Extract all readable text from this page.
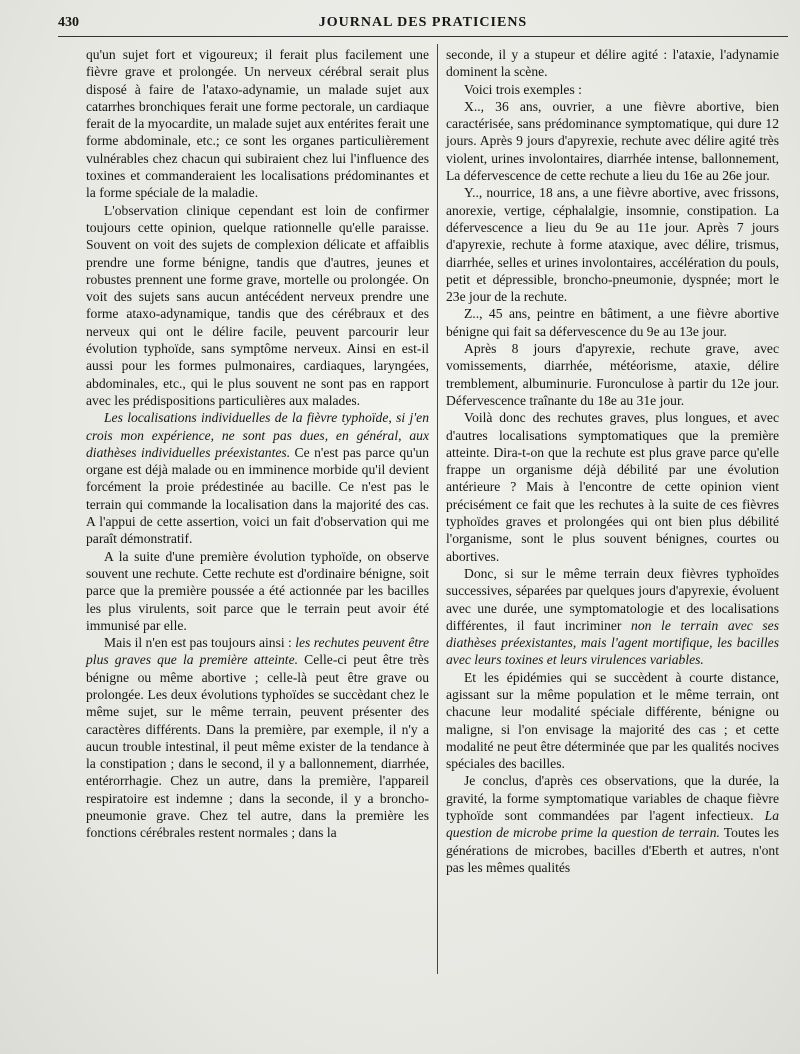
430	JOURNAL DES PRATICIENS

qu'un sujet fort et vigoureux; il ferait plus facilement une fièvre grave et prolongée. Un nerveux cérébral serait plus disposé à faire de l'ataxo-adynamie, un malade sujet aux catarrhes bronchiques ferait une forme pectorale, un cardiaque ferait de la myocardite, un malade sujet aux entérites ferait une forme abdominale, etc.; ce sont les organes particulièrement vulnérables chez chacun qui subiraient chez lui l'influence des toxines et commanderaient les localisations prédominantes et la forme spéciale de la maladie.

L'observation clinique cependant est loin de confirmer toujours cette opinion, quelque rationnelle qu'elle paraisse. Souvent on voit des sujets de complexion délicate et affaiblis prendre une forme bénigne, tandis que d'autres, jeunes et robustes prennent une forme grave, mortelle ou prolongée. On voit des sujets sans aucun antécédent nerveux prendre une forme ataxo-adynamique, tandis que des cérébraux et des nerveux qui ont le délire facile, peuvent parcourir leur évolution typhoïde, sans symptôme nerveux. Ainsi en est-il aussi pour les formes pulmonaires, cardiaques, laryngées, abdominales, etc., qui le plus souvent ne sont pas en rapport avec les prédispositions particulières aux malades.

Les localisations individuelles de la fièvre typhoïde, si j'en crois mon expérience, ne sont pas dues, en général, aux diathèses individuelles préexistantes. Ce n'est pas parce qu'un organe est déjà malade ou en imminence morbide qu'il devient forcément la proie prédestinée au bacille. Ce n'est pas le terrain qui commande la localisation dans la majorité des cas. A l'appui de cette assertion, voici un fait d'observation qui me paraît démonstratif.

A la suite d'une première évolution typhoïde, on observe souvent une rechute. Cette rechute est d'ordinaire bénigne, soit parce que la première poussée a été actionnée par les bacilles les plus virulents, soit parce que le terrain peut avoir été immunisé par elle.

Mais il n'en est pas toujours ainsi : les rechutes peuvent être plus graves que la première atteinte. Celle-ci peut être très bénigne ou même abortive ; celle-là peut être grave ou prolongée. Les deux évolutions typhoïdes se succèdant chez le même sujet, sur le même terrain, peuvent présenter des caractères différents. Dans la première, par exemple, il n'y a aucun trouble intestinal, il peut même exister de la tendance à la constipation ; dans le second, il y a ballonnement, diarrhée, entérorrhagie. Chez un autre, dans la première, l'appareil respiratoire est indemne ; dans la seconde, il y a broncho-pneumonie grave. Chez tel autre, dans la première les fonctions cérébrales restent normales ; dans la

seconde, il y a stupeur et délire agité : l'ataxie, l'adynamie dominent la scène.

Voici trois exemples :

X.., 36 ans, ouvrier, a une fièvre abortive, bien caractérisée, sans prédominance symptomatique, qui dure 12 jours. Après 9 jours d'apyrexie, rechute avec délire agité très violent, urines involontaires, diarrhée intense, ballonnement, La défervescence de cette rechute a lieu du 16e au 26e jour.

Y.., nourrice, 18 ans, a une fièvre abortive, avec frissons, anorexie, vertige, céphalalgie, insomnie, constipation. La défervescence a lieu du 9e au 11e jour. Après 7 jours d'apyrexie, rechute à forme ataxique, avec délire, trismus, diarrhée, selles et urines involontaires, accélération du pouls, petit et dépressible, broncho-pneumonie, dyspnée; mort le 23e jour de la rechute.

Z.., 45 ans, peintre en bâtiment, a une fièvre abortive bénigne qui fait sa défervescence du 9e au 13e jour.

Après 8 jours d'apyrexie, rechute grave, avec vomissements, diarrhée, météorisme, ataxie, délire tremblement, albuminurie. Furonculose à partir du 12e jour. Défervescence traînante du 18e au 31e jour.

Voilà donc des rechutes graves, plus longues, et avec d'autres localisations symptomatiques que la première atteinte. Dira-t-on que la rechute est plus grave parce qu'elle frappe un organisme déjà débilité par une évolution antérieure ? Mais à l'encontre de cette opinion vient précisément ce fait que les rechutes à la suite de ces fièvres typhoïdes graves et prolongées qui ont bien plus débilité l'organisme, sont le plus souvent bénignes, courtes ou abortives.

Donc, si sur le même terrain deux fièvres typhoïdes successives, séparées par quelques jours d'apyrexie, évoluent avec une durée, une symptomatologie et des localisations différentes, il faut incriminer non le terrain avec ses diathèses préexistantes, mais l'agent mortifique, les bacilles avec leurs toxines et leurs virulences variables.

Et les épidémies qui se succèdent à courte distance, agissant sur la même population et le même terrain, ont chacune leur modalité spéciale différente, bénigne ou maligne, si l'on envisage la majorité des cas ; et cette modalité ne peut être déterminée que par les qualités nocives spéciales des bacilles.

Je conclus, d'après ces observations, que la durée, la gravité, la forme symptomatique variables de chaque fièvre typhoïde sont commandées par l'agent infectieux. La question de microbe prime la question de terrain. Toutes les générations de microbes, bacilles d'Eberth et autres, n'ont pas les mêmes qualités
